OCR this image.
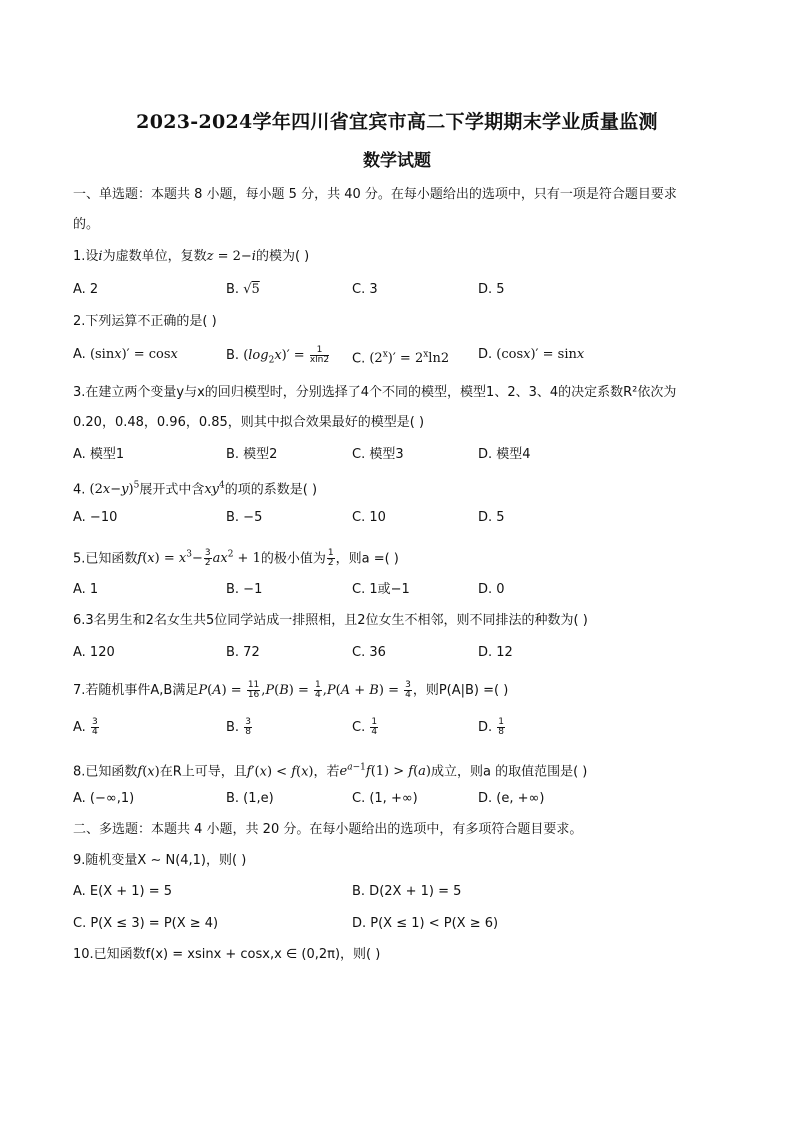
2023-2024学年四川省宜宾市高二下学期期末学业质量监测
数学试题
一、单选题：本题共 8 小题，每小题 5 分，共 40 分。在每小题给出的选项中，只有一项是符合题目要求
的。
1.设i为虚数单位，复数z = 2−i的模为( )
A. 2	B. √5	C. 3	D. 5
2.下列运算不正确的是( )
A. (sinx)′ = cosx	B. $(\log_2x)' = \frac{1}{xln2} C$. $(2^x)' = 2^x\ln 2$ D. (cosx)′ = sinx
3.在建立两个变量y与x的回归模型时，分别选择了4个不同的模型，模型1、2、3、4的决定系数R²依次为
0.20，0.48，0.96，0.85，则其中拟合效果最好的模型是( )
A. 模型1	B. 模型2	C. 模型3	D. 模型4
4. $(2x-y)^5$展开式中含$xy^4$的项的系数是( )
A. −10	B. −5	C. 10	D. 5
5.已知函数$f(x) = x^3- \frac{3}{2} ax^2 + 1$的极小值为 $\frac{1}{2}$ ，则a =( )
A. 1	B. −1	C. 1或−1	D. 0
6.3名男生和2名女生共5位同学站成一排照相，且2位女生不相邻，则不同排法的种数为( )
A. 120	B. 72	C. 36	D. 12
7.若随机事件A,B满足$P(A) = \frac{11}{16} ,P(B) = \frac{1}{4} ,P(A + B) = \frac{3}{4}$ ，则P(A|B) =( )
A. $\frac{3}{4}$	B. $\frac{3}{8}$	C. $\frac{1}{4}$	D. $\frac{1}{8}$
8.已知函数f(x)在R上可导，且f′(x) < f(x)，若$e^{a-1}f(1) > f(a)$成立，则a 的取值范围是( )
A. (−∞,1)	B. (1,e)	C. (1, +∞)	D. (e, +∞)
二、多选题：本题共 4 小题，共 20 分。在每小题给出的选项中，有多项符合题目要求。
9.随机变量X ∼ N(4,1)，则( )
A. E(X + 1) = 5	B. D(2X + 1) = 5
C. P(X ≤ 3) = P(X ≥ 4)	D. P(X ≤ 1) < P(X ≥ 6)
10.已知函数f(x) = xsinx + cosx,x ∈ (0,2π)，则( )
